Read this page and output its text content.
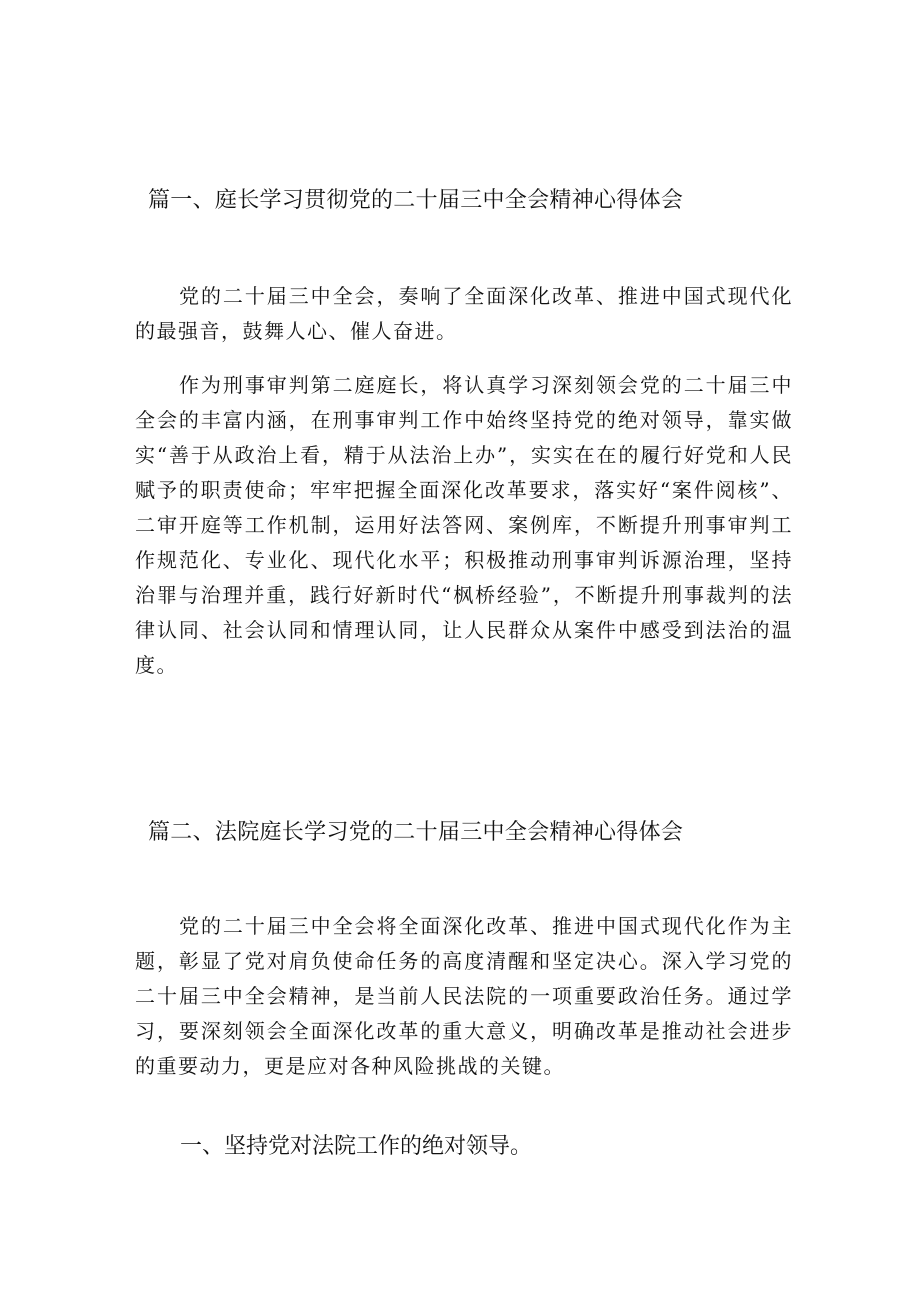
篇一、庭长学习贯彻党的二十届三中全会精神心得体会

党的二十届三中全会，奏响了全面深化改革、推进中国式现代化的最强音，鼓舞人心、催人奋进。

作为刑事审判第二庭庭长，将认真学习深刻领会党的二十届三中全会的丰富内涵，在刑事审判工作中始终坚持党的绝对领导，靠实做实“善于从政治上看，精于从法治上办”，实实在在的履行好党和人民赋予的职责使命；牢牢把握全面深化改革要求，落实好“案件阅核”、二审开庭等工作机制，运用好法答网、案例库，不断提升刑事审判工作规范化、专业化、现代化水平；积极推动刑事审判诉源治理，坚持治罪与治理并重，践行好新时代“枫桥经验”，不断提升刑事裁判的法律认同、社会认同和情理认同，让人民群众从案件中感受到法治的温度。

篇二、法院庭长学习党的二十届三中全会精神心得体会

党的二十届三中全会将全面深化改革、推进中国式现代化作为主题，彰显了党对肩负使命任务的高度清醒和坚定决心。深入学习党的二十届三中全会精神，是当前人民法院的一项重要政治任务。通过学习，要深刻领会全面深化改革的重大意义，明确改革是推动社会进步的重要动力，更是应对各种风险挑战的关键。

一、坚持党对法院工作的绝对领导。
